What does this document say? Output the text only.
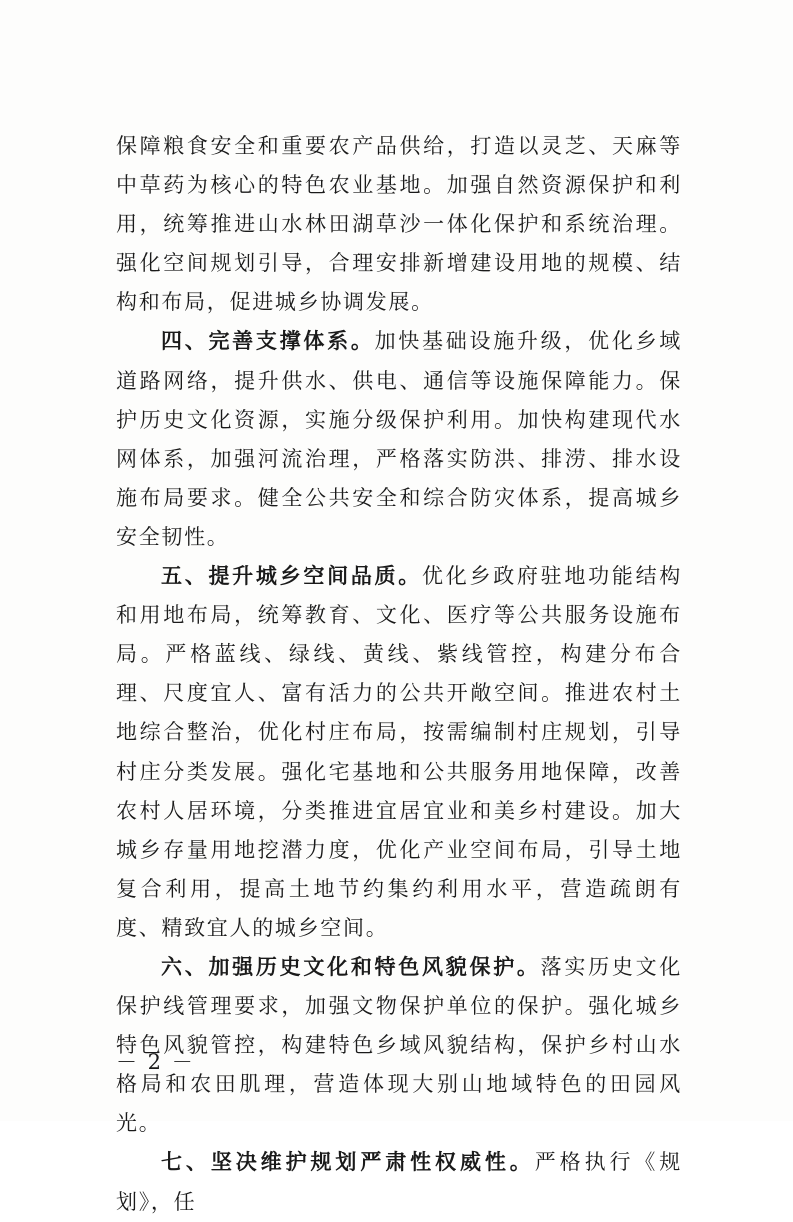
保障粮食安全和重要农产品供给，打造以灵芝、天麻等中草药为核心的特色农业基地。加强自然资源保护和利用，统筹推进山水林田湖草沙一体化保护和系统治理。强化空间规划引导，合理安排新增建设用地的规模、结构和布局，促进城乡协调发展。

四、完善支撑体系。加快基础设施升级，优化乡域道路网络，提升供水、供电、通信等设施保障能力。保护历史文化资源，实施分级保护利用。加快构建现代水网体系，加强河流治理，严格落实防洪、排涝、排水设施布局要求。健全公共安全和综合防灾体系，提高城乡安全韧性。

五、提升城乡空间品质。优化乡政府驻地功能结构和用地布局，统筹教育、文化、医疗等公共服务设施布局。严格蓝线、绿线、黄线、紫线管控，构建分布合理、尺度宜人、富有活力的公共开敞空间。推进农村土地综合整治，优化村庄布局，按需编制村庄规划，引导村庄分类发展。强化宅基地和公共服务用地保障，改善农村人居环境，分类推进宜居宜业和美乡村建设。加大城乡存量用地挖潜力度，优化产业空间布局，引导土地复合利用，提高土地节约集约利用水平，营造疏朗有度、精致宜人的城乡空间。

六、加强历史文化和特色风貌保护。落实历史文化保护线管理要求，加强文物保护单位的保护。强化城乡特色风貌管控，构建特色乡域风貌结构，保护乡村山水格局和农田肌理，营造体现大别山地域特色的田园风光。

七、坚决维护规划严肃性权威性。严格执行《规划》，任

－ 2 －
